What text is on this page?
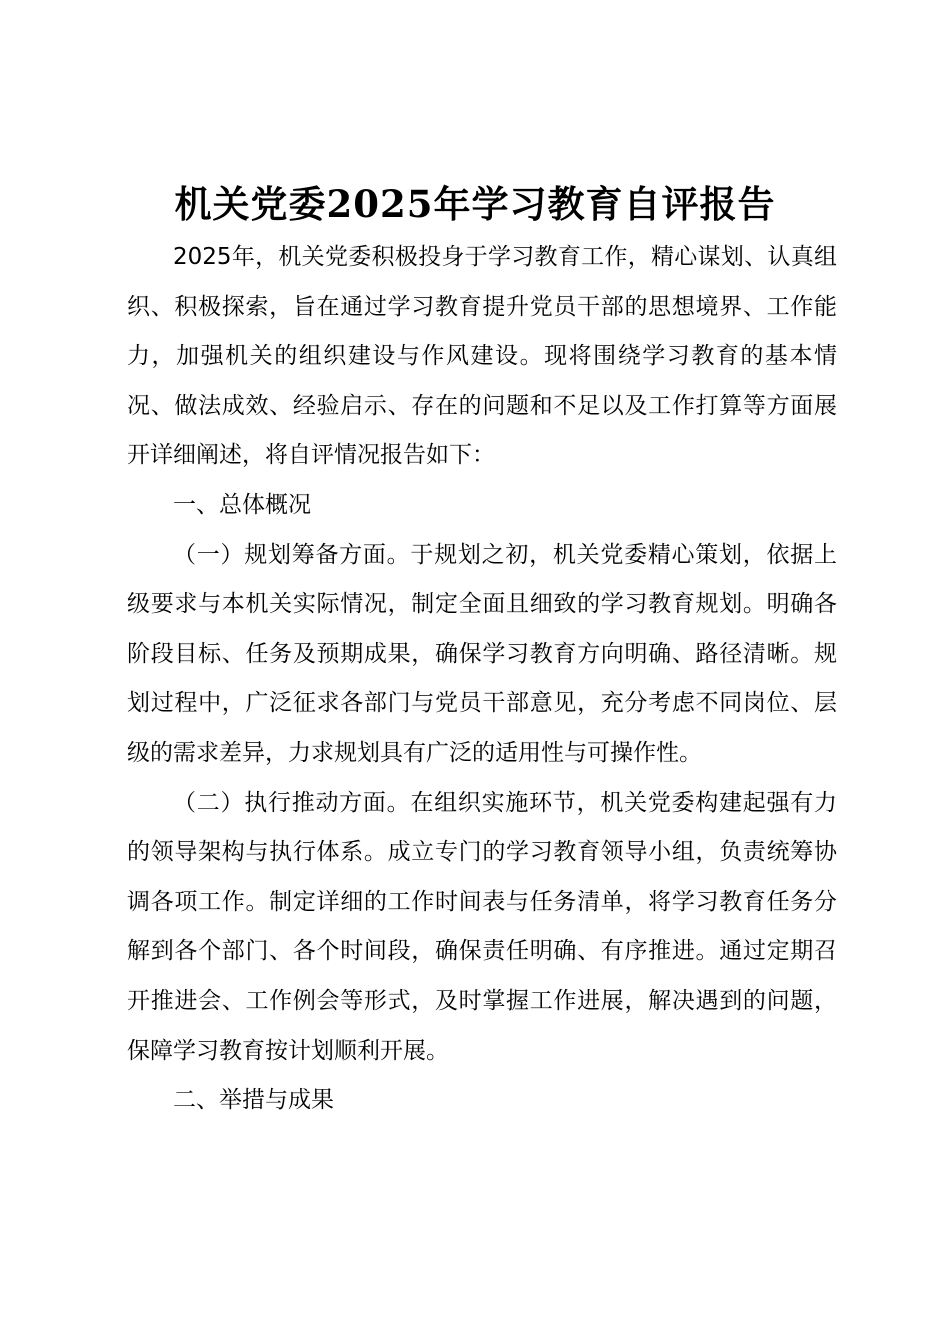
机关党委2025年学习教育自评报告

2025年，机关党委积极投身于学习教育工作，精心谋划、认真组织、积极探索，旨在通过学习教育提升党员干部的思想境界、工作能力，加强机关的组织建设与作风建设。现将围绕学习教育的基本情况、做法成效、经验启示、存在的问题和不足以及工作打算等方面展开详细阐述，将自评情况报告如下：

一、总体概况

（一）规划筹备方面。于规划之初，机关党委精心策划，依据上级要求与本机关实际情况，制定全面且细致的学习教育规划。明确各阶段目标、任务及预期成果，确保学习教育方向明确、路径清晰。规划过程中，广泛征求各部门与党员干部意见，充分考虑不同岗位、层级的需求差异，力求规划具有广泛的适用性与可操作性。

（二）执行推动方面。在组织实施环节，机关党委构建起强有力的领导架构与执行体系。成立专门的学习教育领导小组，负责统筹协调各项工作。制定详细的工作时间表与任务清单，将学习教育任务分解到各个部门、各个时间段，确保责任明确、有序推进。通过定期召开推进会、工作例会等形式，及时掌握工作进展，解决遇到的问题，保障学习教育按计划顺利开展。

二、举措与成果
